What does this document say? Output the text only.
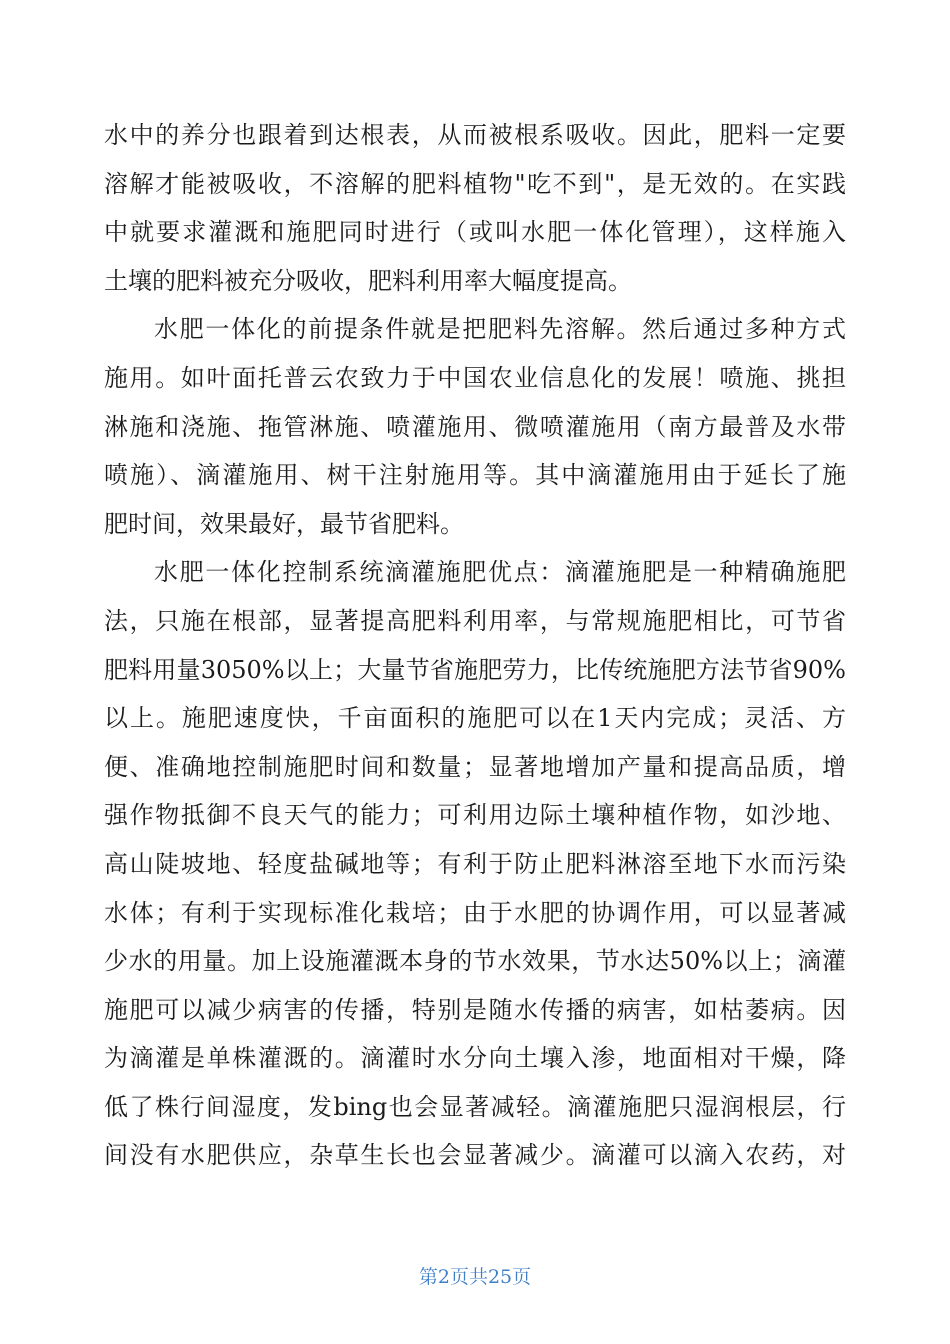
水中的养分也跟着到达根表，从而被根系吸收。因此，肥料一定要
溶解才能被吸收，不溶解的肥料植物"吃不到"，是无效的。在实践
中就要求灌溉和施肥同时进行（或叫水肥一体化管理），这样施入
土壤的肥料被充分吸收，肥料利用率大幅度提高。
水肥一体化的前提条件就是把肥料先溶解。然后通过多种方式
施用。如叶面托普云农致力于中国农业信息化的发展！喷施、挑担
淋施和浇施、拖管淋施、喷灌施用、微喷灌施用（南方最普及水带
喷施）、滴灌施用、树干注射施用等。其中滴灌施用由于延长了施
肥时间，效果最好，最节省肥料。
水肥一体化控制系统滴灌施肥优点：滴灌施肥是一种精确施肥
法，只施在根部，显著提高肥料利用率，与常规施肥相比，可节省
肥料用量3050%以上；大量节省施肥劳力，比传统施肥方法节省90%
以上。施肥速度快，千亩面积的施肥可以在1天内完成；灵活、方
便、准确地控制施肥时间和数量；显著地增加产量和提高品质，增
强作物抵御不良天气的能力；可利用边际土壤种植作物，如沙地、
高山陡坡地、轻度盐碱地等；有利于防止肥料淋溶至地下水而污染
水体；有利于实现标准化栽培；由于水肥的协调作用，可以显著减
少水的用量。加上设施灌溉本身的节水效果，节水达50%以上；滴灌
施肥可以减少病害的传播，特别是随水传播的病害，如枯萎病。因
为滴灌是单株灌溉的。滴灌时水分向土壤入渗，地面相对干燥，降
低了株行间湿度，发bing也会显著减轻。滴灌施肥只湿润根层，行
间没有水肥供应，杂草生长也会显著减少。滴灌可以滴入农药，对
第2页共25页
